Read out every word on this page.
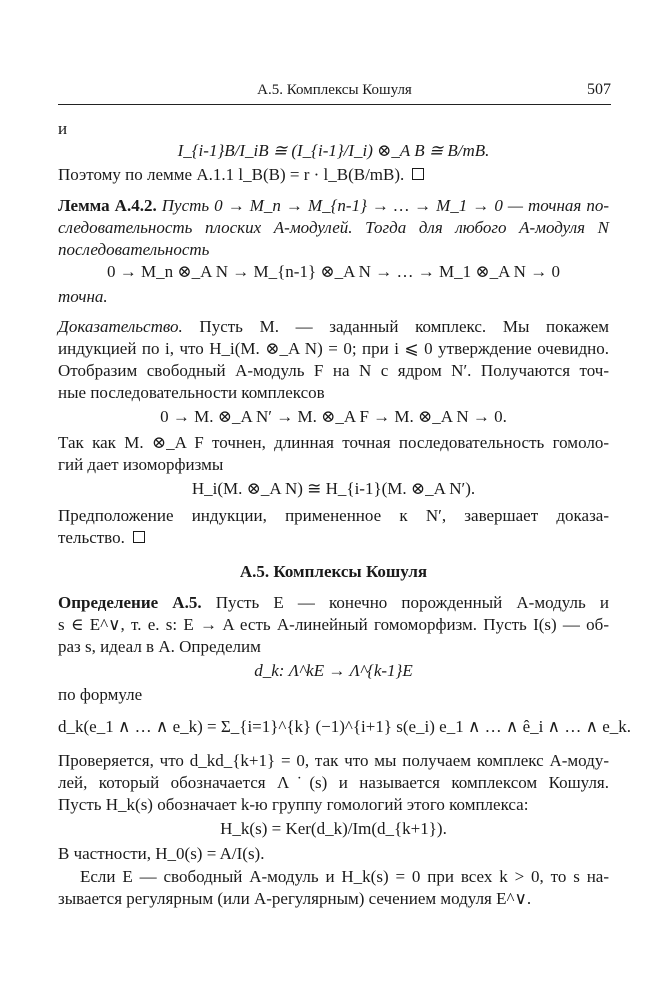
А.5. Комплексы Кошуля	507
и
I_{i-1}B/I_iB ≅ (I_{i-1}/I_i) ⊗_A B ≅ B/mB.
Поэтому по лемме А.1.1 l_B(B) = r · l_B(B/mB).
Лемма А.4.2. Пусть 0 → M_n → M_{n-1} → … → M_1 → 0 — точная по-
следовательность плоских A-модулей. Тогда для любого A-модуля N
последовательность
0 → M_n ⊗_A N → M_{n-1} ⊗_A N → … → M_1 ⊗_A N → 0
точна.
Доказательство. Пусть M. — заданный комплекс. Мы покажем
индукцией по i, что H_i(M. ⊗_A N) = 0; при i ⩽ 0 утверждение очевидно.
Отобразим свободный A-модуль F на N с ядром N′. Получаются точ-
ные последовательности комплексов
0 → M. ⊗_A N′ → M. ⊗_A F → M. ⊗_A N → 0.
Так как M. ⊗_A F точнен, длинная точная последовательность гомоло-
гий дает изоморфизмы
H_i(M. ⊗_A N) ≅ H_{i-1}(M. ⊗_A N′).
Предположение индукции, примененное к N′, завершает доказа-
тельство.
А.5. Комплексы Кошуля
Определение А.5. Пусть E — конечно порожденный A-модуль и
s ∈ E^∨, т. е. s: E → A есть A-линейный гомоморфизм. Пусть I(s) — об-
раз s, идеал в A. Определим
d_k: Λ^kE → Λ^{k-1}E
по формуле
d_k(e_1 ∧ … ∧ e_k) = Σ_{i=1}^{k} (−1)^{i+1} s(e_i) e_1 ∧ … ∧ ê_i ∧ … ∧ e_k.
Проверяется, что d_kd_{k+1} = 0, так что мы получаем комплекс A-моду-
лей, который обозначается Λ˙(s) и называется комплексом Кошуля.
Пусть H_k(s) обозначает k-ю группу гомологий этого комплекса:
H_k(s) = Ker(d_k)/Im(d_{k+1}).
В частности, H_0(s) = A/I(s).
Если E — свободный A-модуль и H_k(s) = 0 при всех k > 0, то s на-
зывается регулярным (или A-регулярным) сечением модуля E^∨.
